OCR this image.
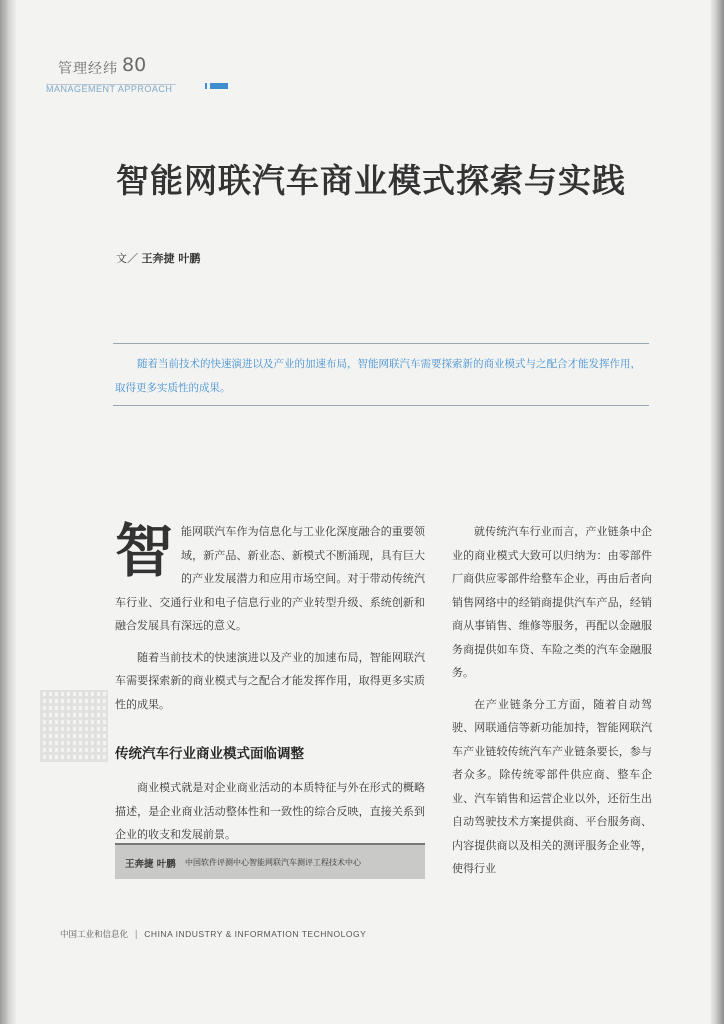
管理经纬 80
MANAGEMENT APPROACH
智能网联汽车商业模式探索与实践
文／ 王奔捷 叶鹏
随着当前技术的快速演进以及产业的加速布局，智能网联汽车需要探索新的商业模式与之配合才能发挥作用，取得更多实质性的成果。

智 能网联汽车作为信息化与工业化深度融合的重要领域，新产品、新业态、新模式不断涌现，具有巨大的产业发展潜力和应用市场空间。对于带动传统汽车行业、交通行业和电子信息行业的产业转型升级、系统创新和融合发展具有深远的意义。

随着当前技术的快速演进以及产业的加速布局，智能网联汽车需要探索新的商业模式与之配合才能发挥作用，取得更多实质性的成果。

传统汽车行业商业模式面临调整

商业模式就是对企业商业活动的本质特征与外在形式的概略描述，是企业商业活动整体性和一致性的综合反映，直接关系到企业的收支和发展前景。

王奔捷 叶鹏 中国软件评测中心智能网联汽车测评工程技术中心

就传统汽车行业而言，产业链条中企业的商业模式大致可以归纳为：由零部件厂商供应零部件给整车企业，再由后者向销售网络中的经销商提供汽车产品，经销商从事销售、维修等服务，再配以金融服务商提供如车贷、车险之类的汽车金融服务。

在产业链条分工方面，随着自动驾驶、网联通信等新功能加持，智能网联汽车产业链较传统汽车产业链条要长，参与者众多。除传统零部件供应商、整车企业、汽车销售和运营企业以外，还衍生出自动驾驶技术方案提供商、平台服务商、内容提供商以及相关的测评服务企业等，使得行业

中国工业和信息化 | CHINA INDUSTRY & INFORMATION TECHNOLOGY
